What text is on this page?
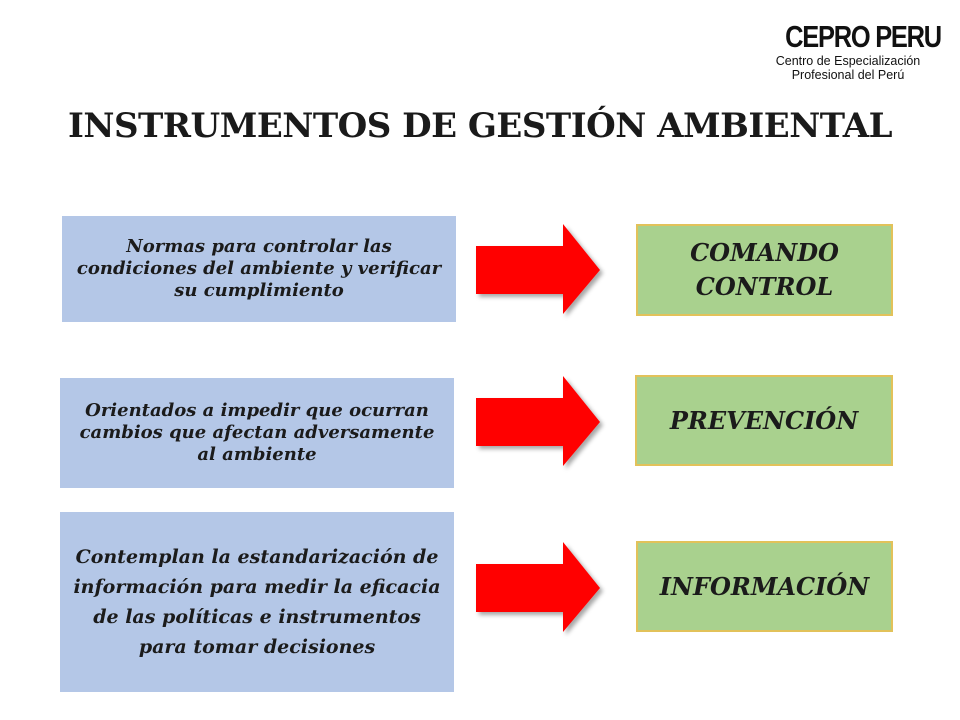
CEPRO PERU
Centro de Especialización
Profesional del Perú
INSTRUMENTOS DE GESTIÓN AMBIENTAL
Normas para controlar las condiciones del ambiente y verificar su cumplimiento
COMANDO CONTROL
Orientados a impedir que ocurran cambios que afectan adversamente al ambiente
PREVENCIÓN
Contemplan la estandarización de información para medir la eficacia de las políticas e instrumentos para tomar decisiones
INFORMACIÓN
